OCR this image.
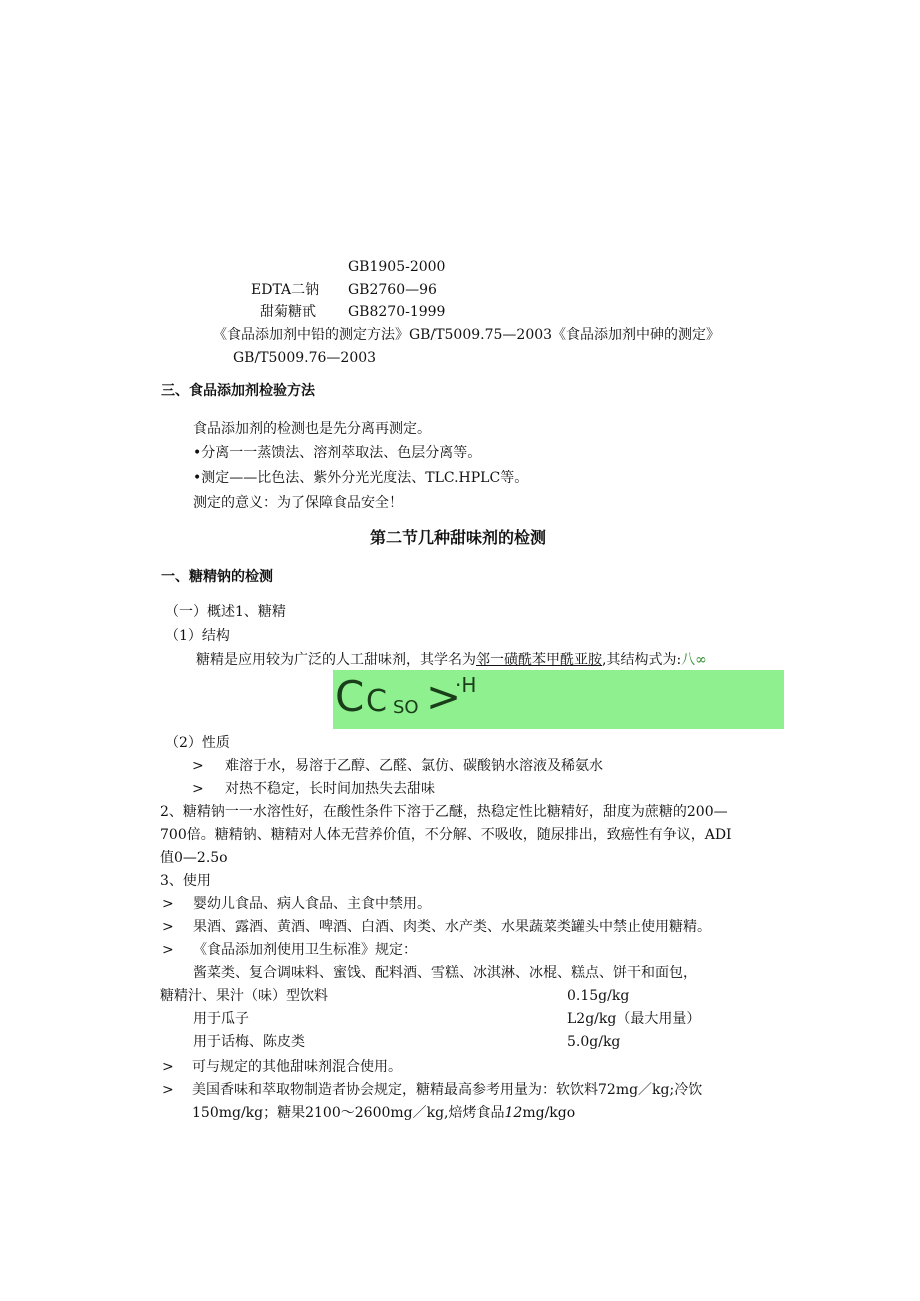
GB1905-2000
EDTA二钠 GB2760—96
甜菊糖甙 GB8270-1999
《食品添加剂中铅的测定方法》GB/T5009.75—2003《食品添加剂中砷的测定》
GB/T5009.76—2003
三、食品添加剂检验方法
食品添加剂的检测也是先分离再测定。
•分离一一蒸馈法、溶剂萃取法、色层分离等。
•测定——比色法、紫外分光光度法、TLC.HPLC等。
测定的意义：为了保障食品安全！
第二节几种甜味剂的检测
一、糖精钠的检测
（一）概述1、糖精
（1）结构
糖精是应用较为广泛的人工甜味剂，其学名为邻一磺酰苯甲酰亚胺,其结构式为:八∞
C C SO >
·H
（2）性质
> 难溶于水，易溶于乙醇、乙醛、氯仿、碳酸钠水溶液及稀氨水
> 对热不稳定，长时间加热失去甜味
2、糖精钠一一水溶性好，在酸性条件下溶于乙醚，热稳定性比糖精好，甜度为蔗糖的200—
700倍。糖精钠、糖精对人体无营养价值，不分解、不吸收，随尿排出，致癌性有争议，ADI
值0—2.5o
3、使用
> 婴幼儿食品、病人食品、主食中禁用。
> 果酒、露酒、黄酒、啤酒、白酒、肉类、水产类、水果蔬菜类罐头中禁止使用糖精。
> 《食品添加剂使用卫生标准》规定：
酱菜类、复合调味料、蜜饯、配料酒、雪糕、冰淇淋、冰棍、糕点、饼干和面包，
糖精汁、果汁（味）型饮料	0.15g/kg
用于瓜子	L2g/kg（最大用量）
用于话梅、陈皮类	5.0g/kg
> 可与规定的其他甜味剂混合使用。
> 美国香味和萃取物制造者协会规定，糖精最高参考用量为：软饮料72mg／kg;冷饮
150mg/kg；糖果2100～2600mg／kg,焙烤食品12mg/kgo
